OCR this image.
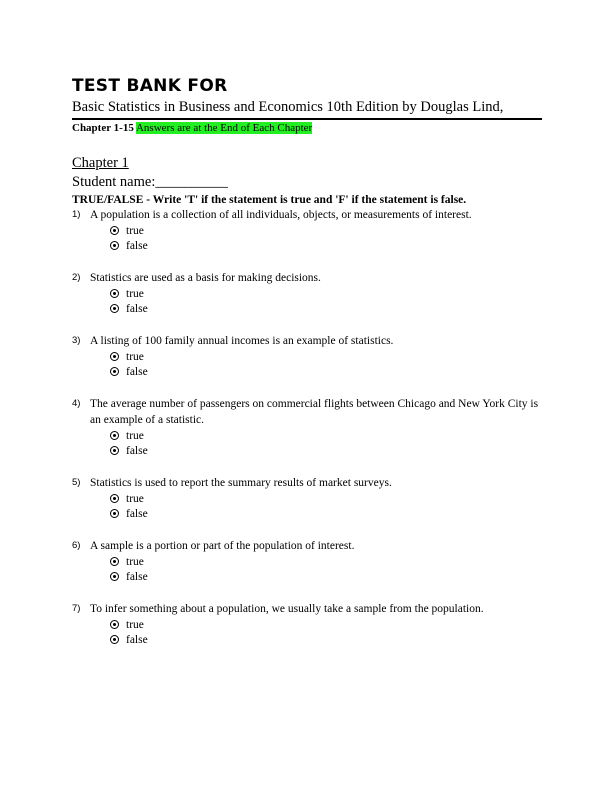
TEST BANK FOR
Basic Statistics in Business and Economics 10th Edition by Douglas Lind,
Chapter 1-15 Answers are at the End of Each Chapter
Chapter 1
Student name:__________
TRUE/FALSE - Write 'T' if the statement is true and 'F' if the statement is false.
1) A population is a collection of all individuals, objects, or measurements of interest.
true
false
2) Statistics are used as a basis for making decisions.
true
false
3) A listing of 100 family annual incomes is an example of statistics.
true
false
4) The average number of passengers on commercial flights between Chicago and New York City is an example of a statistic.
true
false
5) Statistics is used to report the summary results of market surveys.
true
false
6) A sample is a portion or part of the population of interest.
true
false
7) To infer something about a population, we usually take a sample from the population.
true
false
